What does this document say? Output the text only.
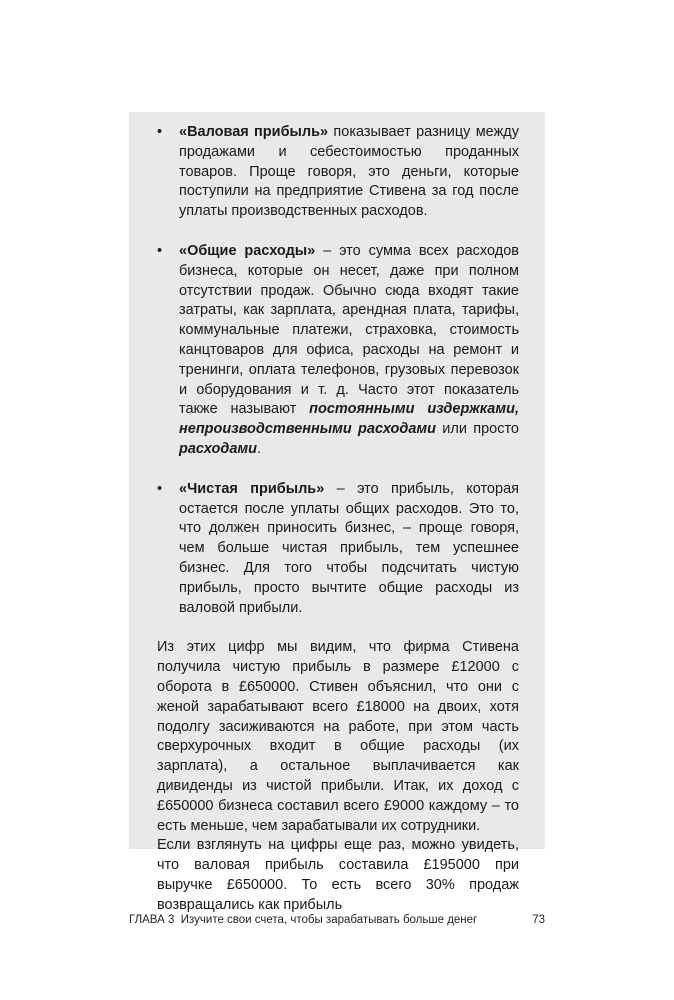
• «Валовая прибыль» показывает разницу между продажами и себестоимостью проданных товаров. Проще говоря, это деньги, которые поступили на предприятие Стивена за год после уплаты производственных расходов.

• «Общие расходы» – это сумма всех расходов бизнеса, которые он несет, даже при полном отсутствии продаж. Обычно сюда входят такие затраты, как зарплата, арендная плата, тарифы, коммунальные платежи, страховка, стоимость канцтоваров для офиса, расходы на ремонт и тренинги, оплата телефонов, грузовых перевозок и оборудования и т. д. Часто этот показатель также называют постоянными издержками, непроизводственными расходами или просто расходами.

• «Чистая прибыль» – это прибыль, которая остается после уплаты общих расходов. Это то, что должен приносить бизнес, – проще говоря, чем больше чистая прибыль, тем успешнее бизнес. Для того чтобы подсчитать чистую прибыль, просто вычтите общие расходы из валовой прибыли.

Из этих цифр мы видим, что фирма Стивена получила чистую прибыль в размере £12000 с оборота в £650000. Стивен объяснил, что они с женой зарабатывают всего £18000 на двоих, хотя подолгу засиживаются на работе, при этом часть сверхурочных входит в общие расходы (их зарплата), а остальное выплачивается как дивиденды из чистой прибыли. Итак, их доход с £650000 бизнеса составил всего £9000 каждому – то есть меньше, чем зарабатывали их сотрудники.

Если взглянуть на цифры еще раз, можно увидеть, что валовая прибыль составила £195000 при выручке £650000. То есть всего 30% продаж возвращались как прибыль

ГЛАВА 3 Изучите свои счета, чтобы зарабатывать больше денег	73
